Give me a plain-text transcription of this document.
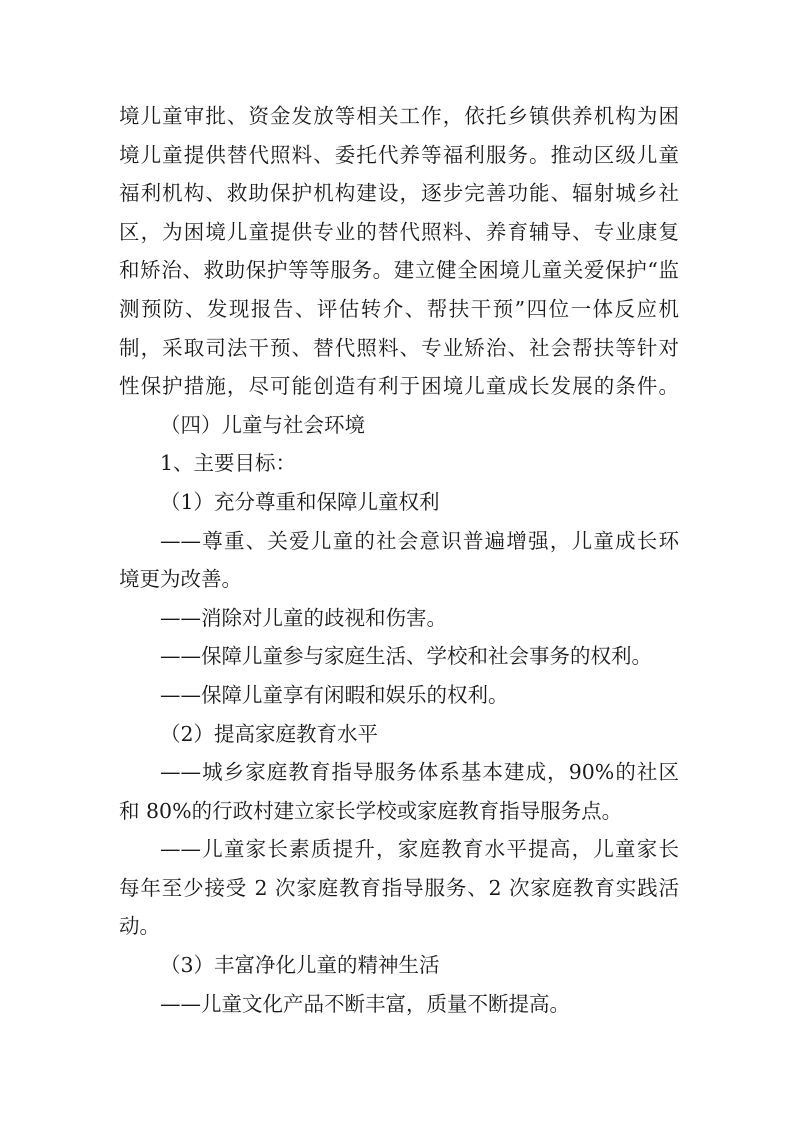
境儿童审批、资金发放等相关工作，依托乡镇供养机构为困
境儿童提供替代照料、委托代养等福利服务。推动区级儿童
福利机构、救助保护机构建设，逐步完善功能、辐射城乡社
区，为困境儿童提供专业的替代照料、养育辅导、专业康复
和矫治、救助保护等等服务。建立健全困境儿童关爱保护“监
测预防、发现报告、评估转介、帮扶干预”四位一体反应机
制，采取司法干预、替代照料、专业矫治、社会帮扶等针对
性保护措施，尽可能创造有利于困境儿童成长发展的条件。
（四）儿童与社会环境
1、主要目标：
（1）充分尊重和保障儿童权利
——尊重、关爱儿童的社会意识普遍增强，儿童成长环
境更为改善。
——消除对儿童的歧视和伤害。
——保障儿童参与家庭生活、学校和社会事务的权利。
——保障儿童享有闲暇和娱乐的权利。
（2）提高家庭教育水平
——城乡家庭教育指导服务体系基本建成，90%的社区
和 80%的行政村建立家长学校或家庭教育指导服务点。
——儿童家长素质提升，家庭教育水平提高，儿童家长
每年至少接受 2 次家庭教育指导服务、2 次家庭教育实践活
动。
（3）丰富净化儿童的精神生活
——儿童文化产品不断丰富，质量不断提高。
